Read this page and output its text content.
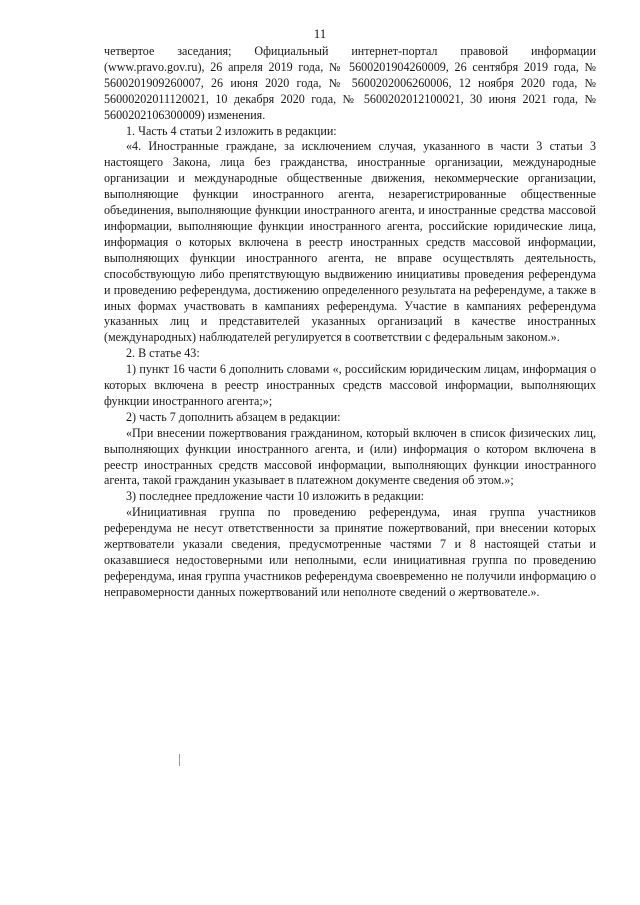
11

четвертое заседания; Официальный интернет-портал правовой информации (www.pravo.gov.ru), 26 апреля 2019 года, № 5600201904260009, 26 сентября 2019 года, № 5600201909260007, 26 июня 2020 года, № 5600202006260006, 12 ноября 2020 года, № 56000202011120021, 10 декабря 2020 года, № 5600202012100021, 30 июня 2021 года, № 5600202106300009) изменения.

1. Часть 4 статьи 2 изложить в редакции:

«4. Иностранные граждане, за исключением случая, указанного в части 3 статьи 3 настоящего Закона, лица без гражданства, иностранные организации, международные организации и международные общественные движения, некоммерческие организации, выполняющие функции иностранного агента, незарегистрированные общественные объединения, выполняющие функции иностранного агента, и иностранные средства массовой информации, выполняющие функции иностранного агента, российские юридические лица, информация о которых включена в реестр иностранных средств массовой информации, выполняющих функции иностранного агента, не вправе осуществлять деятельность, способствующую либо препятствующую выдвижению инициативы проведения референдума и проведению референдума, достижению определенного результата на референдуме, а также в иных формах участвовать в кампаниях референдума. Участие в кампаниях референдума указанных лиц и представителей указанных организаций в качестве иностранных (международных) наблюдателей регулируется в соответствии с федеральным законом.».

2. В статье 43:

1) пункт 16 части 6 дополнить словами «, российским юридическим лицам, информация о которых включена в реестр иностранных средств массовой информации, выполняющих функции иностранного агента;»;

2) часть 7 дополнить абзацем в редакции:

«При внесении пожертвования гражданином, который включен в список физических лиц, выполняющих функции иностранного агента, и (или) информация о котором включена в реестр иностранных средств массовой информации, выполняющих функции иностранного агента, такой гражданин указывает в платежном документе сведения об этом.»;

3) последнее предложение части 10 изложить в редакции:

«Инициативная группа по проведению референдума, иная группа участников референдума не несут ответственности за принятие пожертвований, при внесении которых жертвователи указали сведения, предусмотренные частями 7 и 8 настоящей статьи и оказавшиеся недостоверными или неполными, если инициативная группа по проведению референдума, иная группа участников референдума своевременно не получили информацию о неправомерности данных пожертвований или неполноте сведений о жертвователе.».
